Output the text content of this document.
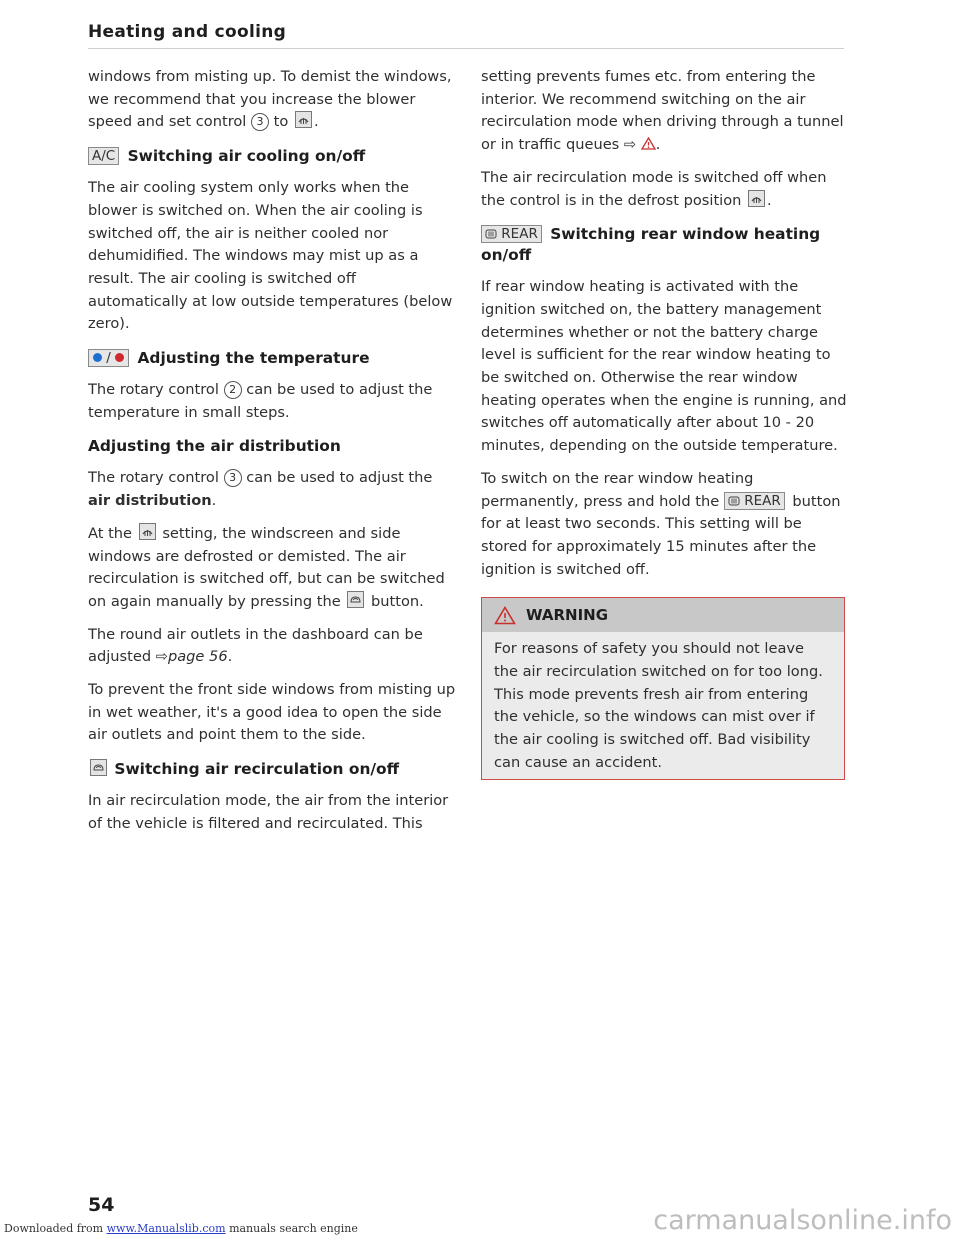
Heating and cooling

windows from misting up. To demist the windows, we recommend that you increase the blower speed and set control 3 to .

A/C Switching air cooling on/off

The air cooling system only works when the blower is switched on. When the air cooling is switched off, the air is neither cooled nor dehumidified. The windows may mist up as a result. The air cooling is switched off automatically at low outside temperatures (below zero).

/ Adjusting the temperature

The rotary control 2 can be used to adjust the temperature in small steps.

Adjusting the air distribution

The rotary control 3 can be used to adjust the air distribution.

At the setting, the windscreen and side windows are defrosted or demisted. The air recirculation is switched off, but can be switched on again manually by pressing the button.

The round air outlets in the dashboard can be adjusted ⇨page 56.

To prevent the front side windows from misting up in wet weather, it's a good idea to open the side air outlets and point them to the side.

Switching air recirculation on/off

In air recirculation mode, the air from the interior of the vehicle is filtered and recirculated. This

setting prevents fumes etc. from entering the interior. We recommend switching on the air recirculation mode when driving through a tunnel or in traffic queues ⇨ .

The air recirculation mode is switched off when the control is in the defrost position .

REAR Switching rear window heating on/off

If rear window heating is activated with the ignition switched on, the battery management determines whether or not the battery charge level is sufficient for the rear window heating to be switched on. Otherwise the rear window heating operates when the engine is running, and switches off automatically after about 10 - 20 minutes, depending on the outside temperature.

To switch on the rear window heating permanently, press and hold the REAR button for at least two seconds. This setting will be stored for approximately 15 minutes after the ignition is switched off.

WARNING

For reasons of safety you should not leave the air recirculation switched on for too long. This mode prevents fresh air from entering the vehicle, so the windows can mist over if the air cooling is switched off. Bad visibility can cause an accident.

54
Downloaded from www.Manualslib.com manuals search engine	carmanualsonline.info
